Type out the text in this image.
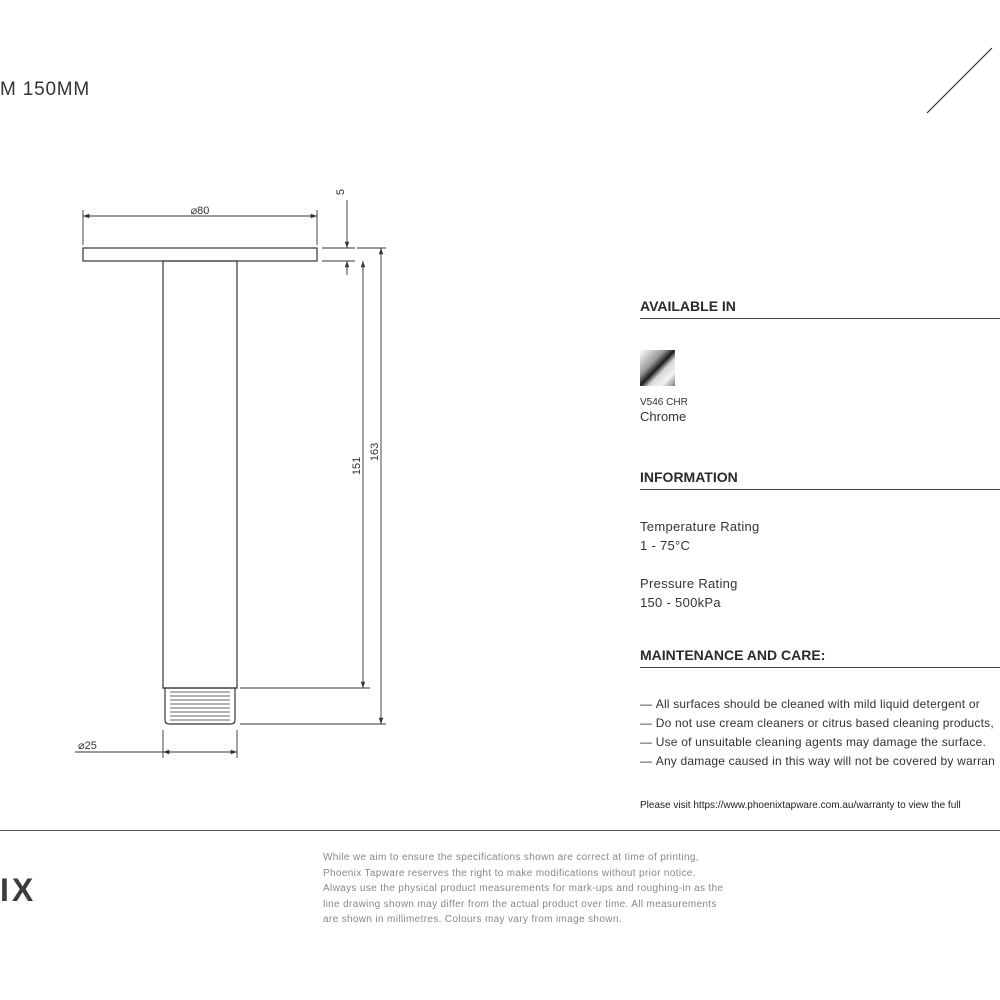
M 150MM
⌀80
5
151
163
⌀25
AVAILABLE IN
V546 CHR
Chrome
INFORMATION
Temperature Rating
1 - 75°C
Pressure Rating
150 - 500kPa
MAINTENANCE AND CARE:
— All surfaces should be cleaned with mild liquid detergent or
— Do not use cream cleaners or citrus based cleaning products,
— Use of unsuitable cleaning agents may damage the surface.
— Any damage caused in this way will not be covered by warran
Please visit https://www.phoenixtapware.com.au/warranty to view the full
IX
While we aim to ensure the specifications shown are correct at time of printing,
Phoenix Tapware reserves the right to make modifications without prior notice.
Always use the physical product measurements for mark-ups and roughing-in as the
line drawing shown may differ from the actual product over time. All measurements
are shown in millimetres. Colours may vary from image shown.
